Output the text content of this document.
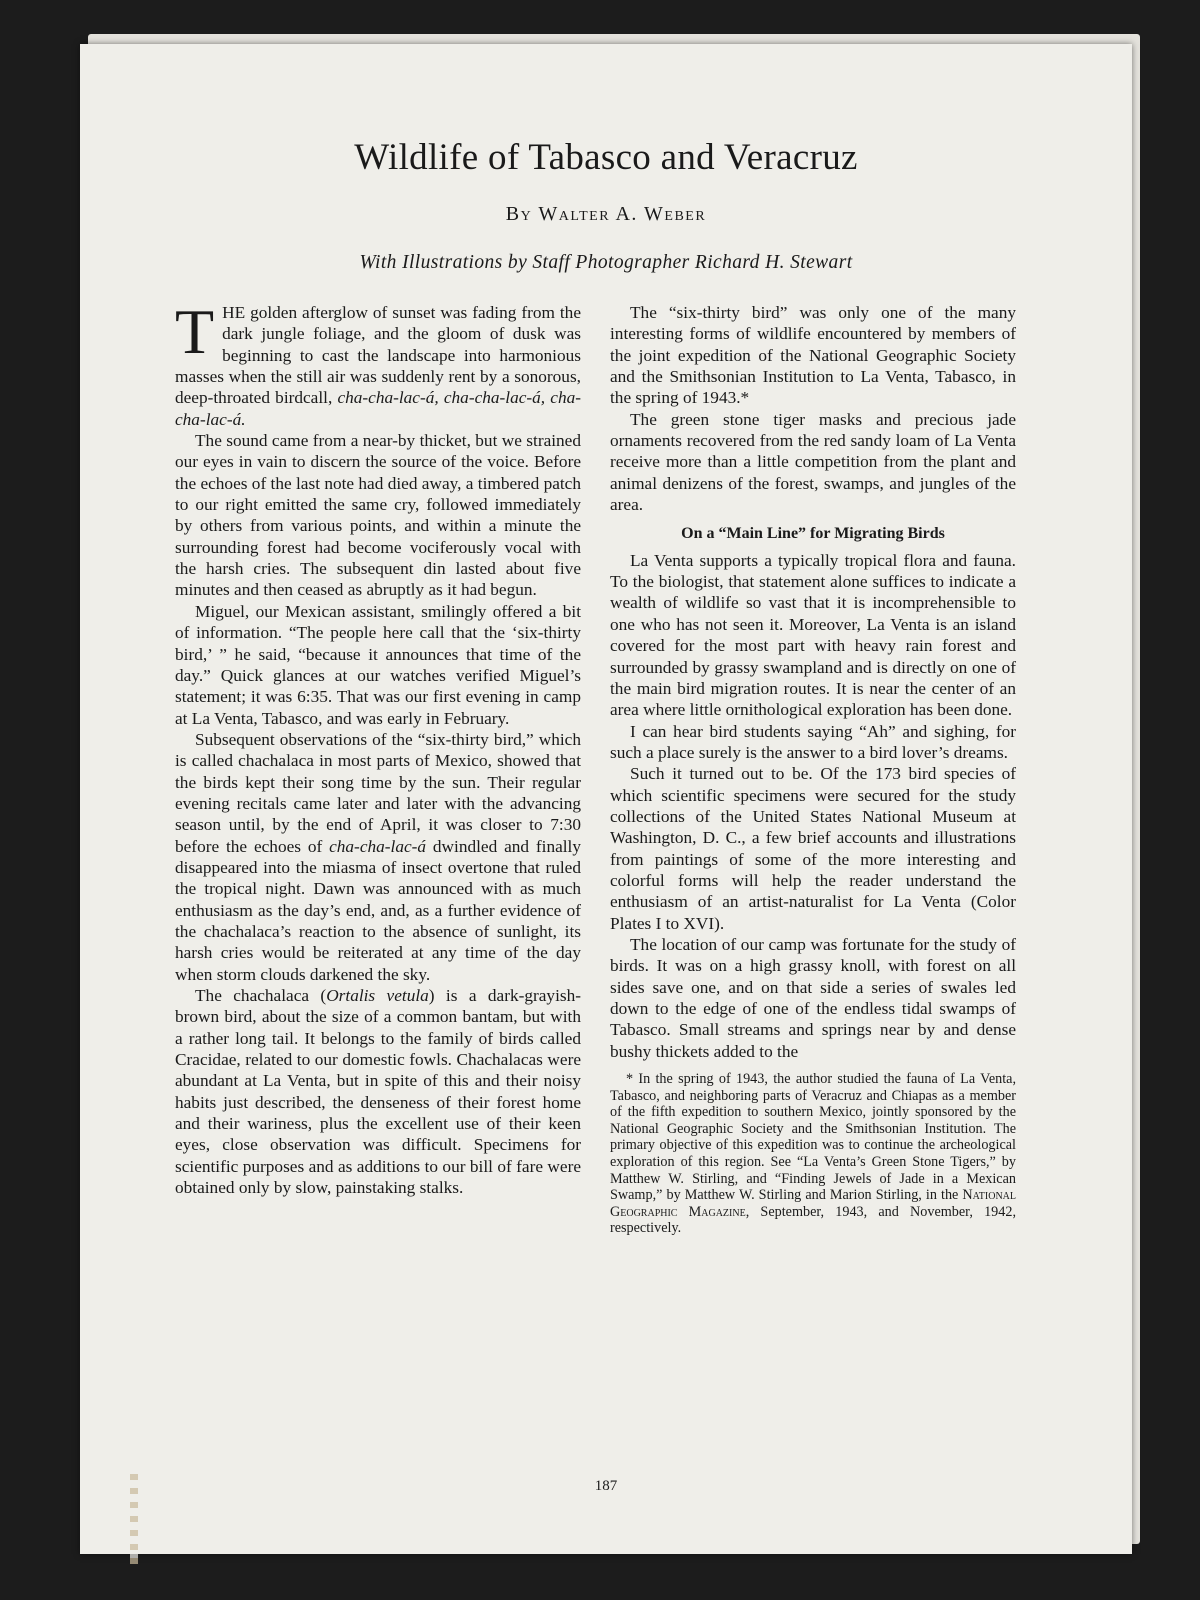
Wildlife of Tabasco and Veracruz
By Walter A. Weber
With Illustrations by Staff Photographer Richard H. Stewart

THE golden afterglow of sunset was fading from the dark jungle foliage, and the gloom of dusk was beginning to cast the landscape into harmonious masses when the still air was suddenly rent by a sonorous, deep-throated birdcall, cha-cha-lac-á, cha-cha-lac-á, cha-cha-lac-á.

The sound came from a near-by thicket, but we strained our eyes in vain to discern the source of the voice. Before the echoes of the last note had died away, a timbered patch to our right emitted the same cry, followed immediately by others from various points, and within a minute the surrounding forest had become vociferously vocal with the harsh cries. The subsequent din lasted about five minutes and then ceased as abruptly as it had begun.

Miguel, our Mexican assistant, smilingly offered a bit of information. “The people here call that the ‘six-thirty bird,’ ” he said, “because it announces that time of the day.” Quick glances at our watches verified Miguel’s statement; it was 6:35. That was our first evening in camp at La Venta, Tabasco, and was early in February.

Subsequent observations of the “six-thirty bird,” which is called chachalaca in most parts of Mexico, showed that the birds kept their song time by the sun. Their regular evening recitals came later and later with the advancing season until, by the end of April, it was closer to 7:30 before the echoes of cha-cha-lac-á dwindled and finally disappeared into the miasma of insect overtone that ruled the tropical night. Dawn was announced with as much enthusiasm as the day’s end, and, as a further evidence of the chachalaca’s reaction to the absence of sunlight, its harsh cries would be reiterated at any time of the day when storm clouds darkened the sky.

The chachalaca (Ortalis vetula) is a dark-grayish-brown bird, about the size of a common bantam, but with a rather long tail. It belongs to the family of birds called Cracidae, related to our domestic fowls. Chachalacas were abundant at La Venta, but in spite of this and their noisy habits just described, the denseness of their forest home and their wariness, plus the excellent use of their keen eyes, close observation was difficult. Specimens for scientific purposes and as additions to our bill of fare were obtained only by slow, painstaking stalks.

The “six-thirty bird” was only one of the many interesting forms of wildlife encountered by members of the joint expedition of the National Geographic Society and the Smithsonian Institution to La Venta, Tabasco, in the spring of 1943.*

The green stone tiger masks and precious jade ornaments recovered from the red sandy loam of La Venta receive more than a little competition from the plant and animal denizens of the forest, swamps, and jungles of the area.

On a “Main Line” for Migrating Birds

La Venta supports a typically tropical flora and fauna. To the biologist, that statement alone suffices to indicate a wealth of wildlife so vast that it is incomprehensible to one who has not seen it. Moreover, La Venta is an island covered for the most part with heavy rain forest and surrounded by grassy swampland and is directly on one of the main bird migration routes. It is near the center of an area where little ornithological exploration has been done.

I can hear bird students saying “Ah” and sighing, for such a place surely is the answer to a bird lover’s dreams.

Such it turned out to be. Of the 173 bird species of which scientific specimens were secured for the study collections of the United States National Museum at Washington, D. C., a few brief accounts and illustrations from paintings of some of the more interesting and colorful forms will help the reader understand the enthusiasm of an artist-naturalist for La Venta (Color Plates I to XVI).

The location of our camp was fortunate for the study of birds. It was on a high grassy knoll, with forest on all sides save one, and on that side a series of swales led down to the edge of one of the endless tidal swamps of Tabasco. Small streams and springs near by and dense bushy thickets added to the

* In the spring of 1943, the author studied the fauna of La Venta, Tabasco, and neighboring parts of Veracruz and Chiapas as a member of the fifth expedition to southern Mexico, jointly sponsored by the National Geographic Society and the Smithsonian Institution. The primary objective of this expedition was to continue the archeological exploration of this region. See “La Venta’s Green Stone Tigers,” by Matthew W. Stirling, and “Finding Jewels of Jade in a Mexican Swamp,” by Matthew W. Stirling and Marion Stirling, in the National Geographic Magazine, September, 1943, and November, 1942, respectively.

187
